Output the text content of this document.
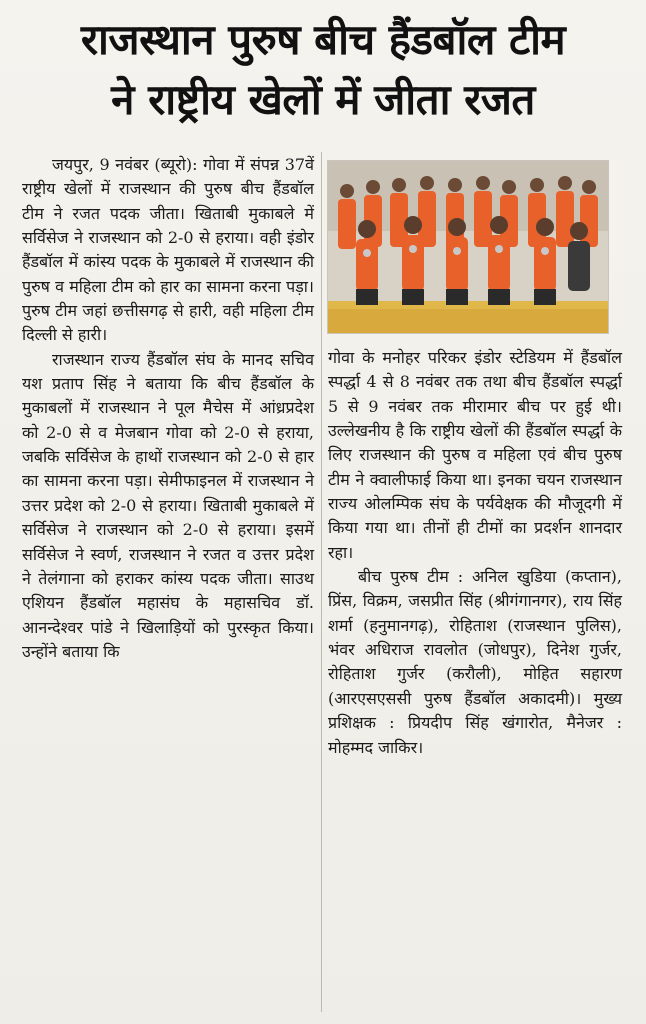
राजस्थान पुरुष बीच हैंडबॉल टीम
ने राष्ट्रीय खेलों में जीता रजत

जयपुर, 9 नवंबर (ब्यूरो): गोवा में संपन्न 37वें राष्ट्रीय खेलों में राजस्थान की पुरुष बीच हैंडबॉल टीम ने रजत पदक जीता। खिताबी मुकाबले में सर्विसेज ने राजस्थान को 2-0 से हराया। वही इंडोर हैंडबॉल में कांस्य पदक के मुकाबले में राजस्थान की पुरुष व महिला टीम को हार का सामना करना पड़ा। पुरुष टीम जहां छत्तीसगढ़ से हारी, वही महिला टीम दिल्ली से हारी।

राजस्थान राज्य हैंडबॉल संघ के मानद सचिव यश प्रताप सिंह ने बताया कि बीच हैंडबॉल के मुकाबलों में राजस्थान ने पूल मैचेस में आंध्रप्रदेश को 2-0 से व मेजबान गोवा को 2-0 से हराया, जबकि सर्विसेज के हाथों राजस्थान को 2-0 से हार का सामना करना पड़ा। सेमीफाइनल में राजस्थान ने उत्तर प्रदेश को 2-0 से हराया। खिताबी मुकाबले में सर्विसेज ने राजस्थान को 2-0 से हराया। इसमें सर्विसेज ने स्वर्ण, राजस्थान ने रजत व उत्तर प्रदेश ने तेलंगाना को हराकर कांस्य पदक जीता। साउथ एशियन हैंडबॉल महासंघ के महासचिव डॉ. आनन्देश्वर पांडे ने खिलाड़ियों को पुरस्कृत किया। उन्होंने बताया कि

गोवा के मनोहर परिकर इंडोर स्टेडियम में हैंडबॉल स्पर्द्धा 4 से 8 नवंबर तक तथा बीच हैंडबॉल स्पर्द्धा 5 से 9 नवंबर तक मीरामार बीच पर हुई थी। उल्लेखनीय है कि राष्ट्रीय खेलों की हैंडबॉल स्पर्द्धा के लिए राजस्थान की पुरुष व महिला एवं बीच पुरुष टीम ने क्वालीफाई किया था। इनका चयन राजस्थान राज्य ओलम्पिक संघ के पर्यवेक्षक की मौजूदगी में किया गया था। तीनों ही टीमों का प्रदर्शन शानदार रहा।

बीच पुरुष टीम : अनिल खुडिया (कप्तान), प्रिंस, विक्रम, जसप्रीत सिंह (श्रीगंगानगर), राय सिंह शर्मा (हनुमानगढ़), रोहिताश (राजस्थान पुलिस), भंवर अधिराज रावलोत (जोधपुर), दिनेश गुर्जर, रोहिताश गुर्जर (करौली), मोहित सहारण (आरएसएससी पुरुष हैंडबॉल अकादमी)। मुख्य प्रशिक्षक : प्रियदीप सिंह खंगारोत, मैनेजर : मोहम्मद जाकिर।
